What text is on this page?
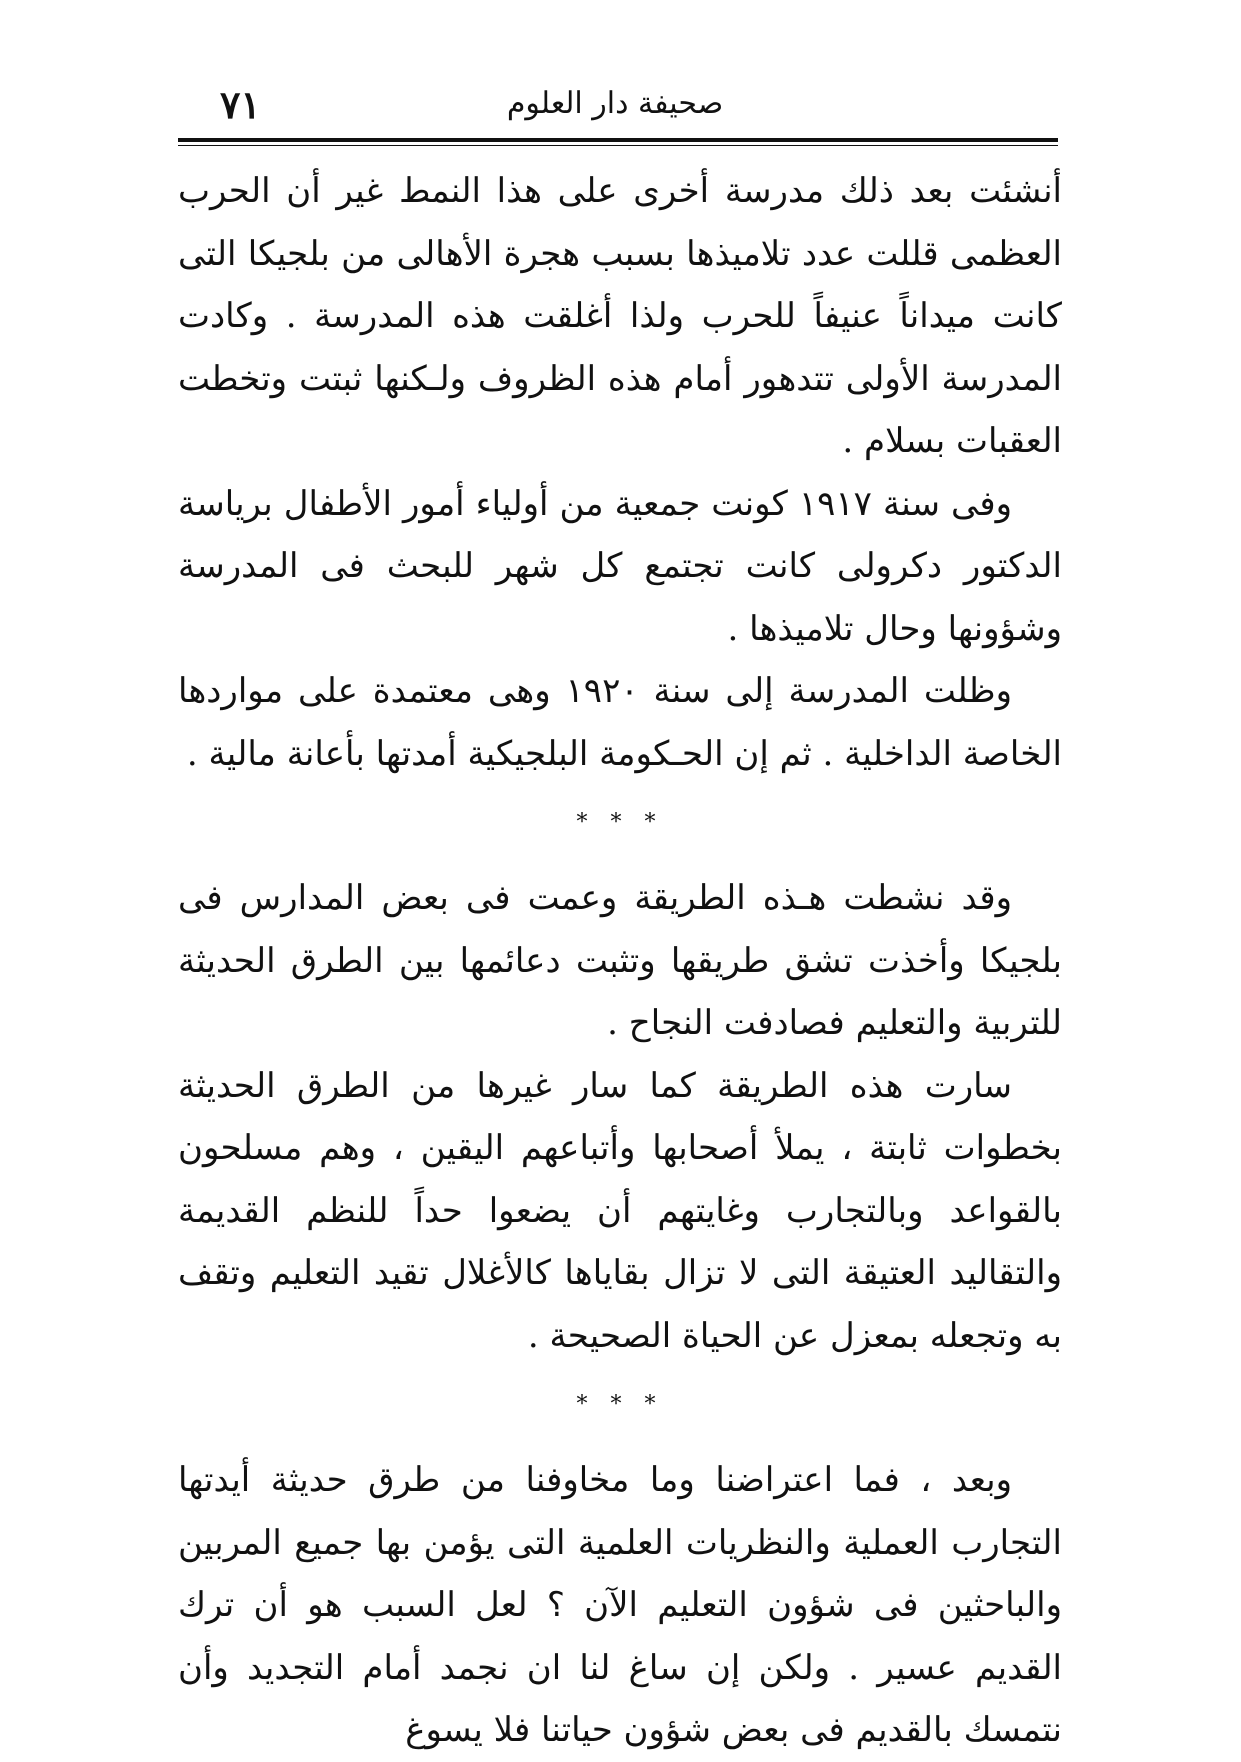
٧١	صحيفة دار العلوم

أنشئت بعد ذلك مدرسة أخرى على هذا النمط غير أن الحرب العظمى قللت عدد تلاميذها بسبب هجرة الأهالى من بلجيكا التى كانت ميداناً عنيفاً للحرب ولذا أغلقت هذه المدرسة . وكادت المدرسة الأولى تتدهور أمام هذه الظروف ولـكنها ثبتت وتخطت العقبات بسلام .

وفى سنة ١٩١٧ كونت جمعية من أولياء أمور الأطفال برياسة الدكتور دكرولى كانت تجتمع كل شهر للبحث فى المدرسة وشؤونها وحال تلاميذها .

وظلت المدرسة إلى سنة ١٩٢٠ وهى معتمدة على مواردها الخاصة الداخلية . ثم إن الحـكومة البلجيكية أمدتها بأعانة مالية .

* * *

وقد نشطت هـذه الطريقة وعمت فى بعض المدارس فى بلجيكا وأخذت تشق طريقها وتثبت دعائمها بين الطرق الحديثة للتربية والتعليم فصادفت النجاح .

سارت هذه الطريقة كما سار غيرها من الطرق الحديثة بخطوات ثابتة ، يملأ أصحابها وأتباعهم اليقين ، وهم مسلحون بالقواعد وبالتجارب وغايتهم أن يضعوا حداً للنظم القديمة والتقاليد العتيقة التى لا تزال بقاياها كالأغلال تقيد التعليم وتقف به وتجعله بمعزل عن الحياة الصحيحة .

* * *

وبعد ، فما اعتراضنا وما مخاوفنا من طرق حديثة أيدتها التجارب العملية والنظريات العلمية التى يؤمن بها جميع المربين والباحثين فى شؤون التعليم الآن ؟ لعل السبب هو أن ترك القديم عسير . ولكن إن ساغ لنا ان نجمد أمام التجديد وأن نتمسك بالقديم فى بعض شؤون حياتنا فلا يسوغ
